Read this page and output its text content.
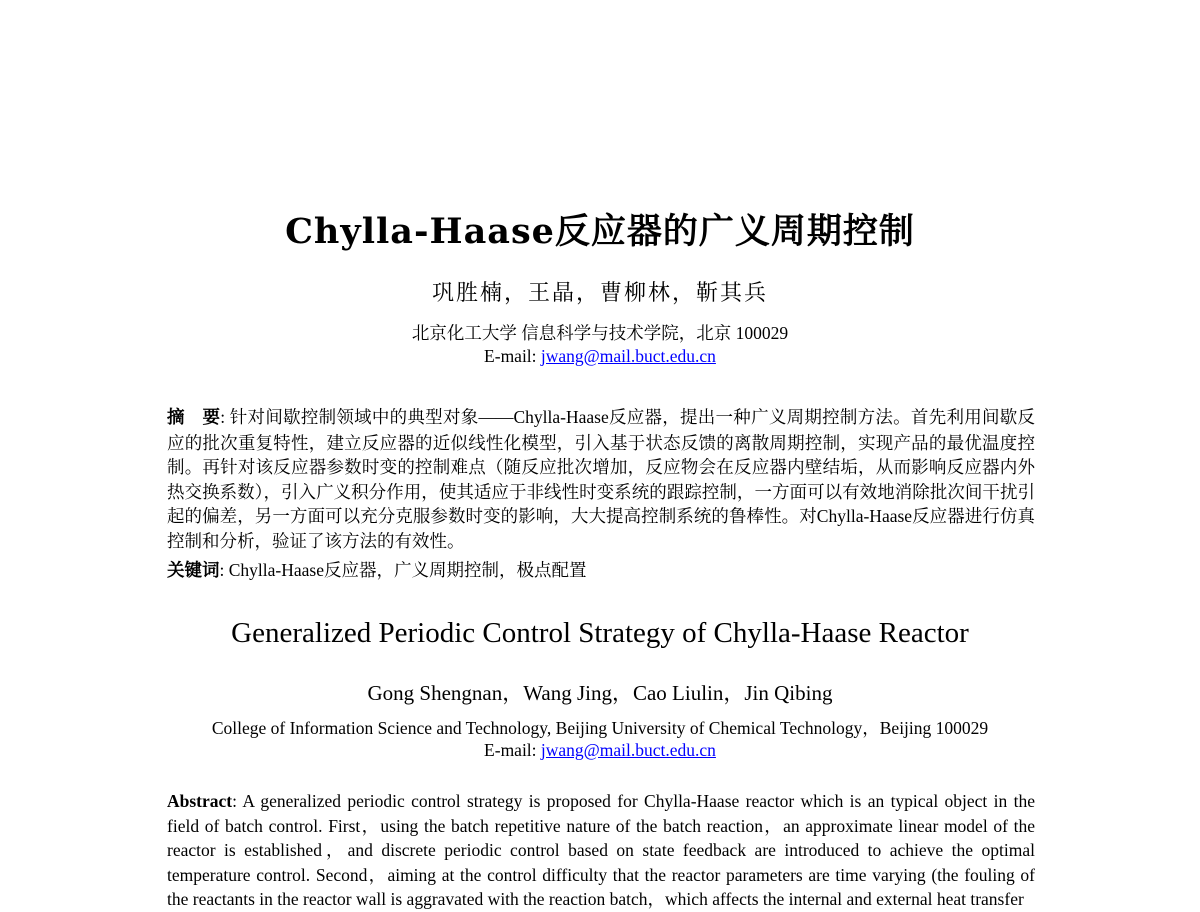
Chylla-Haase反应器的广义周期控制
巩胜楠，王晶，曹柳林，靳其兵
北京化工大学 信息科学与技术学院，北京 100029
E-mail: jwang@mail.buct.edu.cn
摘　要: 针对间歇控制领域中的典型对象——Chylla-Haase反应器，提出一种广义周期控制方法。首先利用间歇反应的批次重复特性，建立反应器的近似线性化模型，引入基于状态反馈的离散周期控制，实现产品的最优温度控制。再针对该反应器参数时变的控制难点（随反应批次增加，反应物会在反应器内壁结垢，从而影响反应器内外热交换系数），引入广义积分作用，使其适应于非线性时变系统的跟踪控制，一方面可以有效地消除批次间干扰引起的偏差，另一方面可以充分克服参数时变的影响，大大提高控制系统的鲁棒性。对Chylla-Haase反应器进行仿真控制和分析，验证了该方法的有效性。
关键词: Chylla-Haase反应器，广义周期控制，极点配置
Generalized Periodic Control Strategy of Chylla-Haase Reactor
Gong Shengnan，Wang Jing，Cao Liulin，Jin Qibing
College of Information Science and Technology, Beijing University of Chemical Technology，Beijing 100029
E-mail: jwang@mail.buct.edu.cn
Abstract: A generalized periodic control strategy is proposed for Chylla-Haase reactor which is an typical object in the field of batch control. First，using the batch repetitive nature of the batch reaction，an approximate linear model of the reactor is established，and discrete periodic control based on state feedback are introduced to achieve the optimal temperature control. Second，aiming at the control difficulty that the reactor parameters are time varying (the fouling of the reactants in the reactor wall is aggravated with the reaction batch，which affects the internal and external heat transfer
